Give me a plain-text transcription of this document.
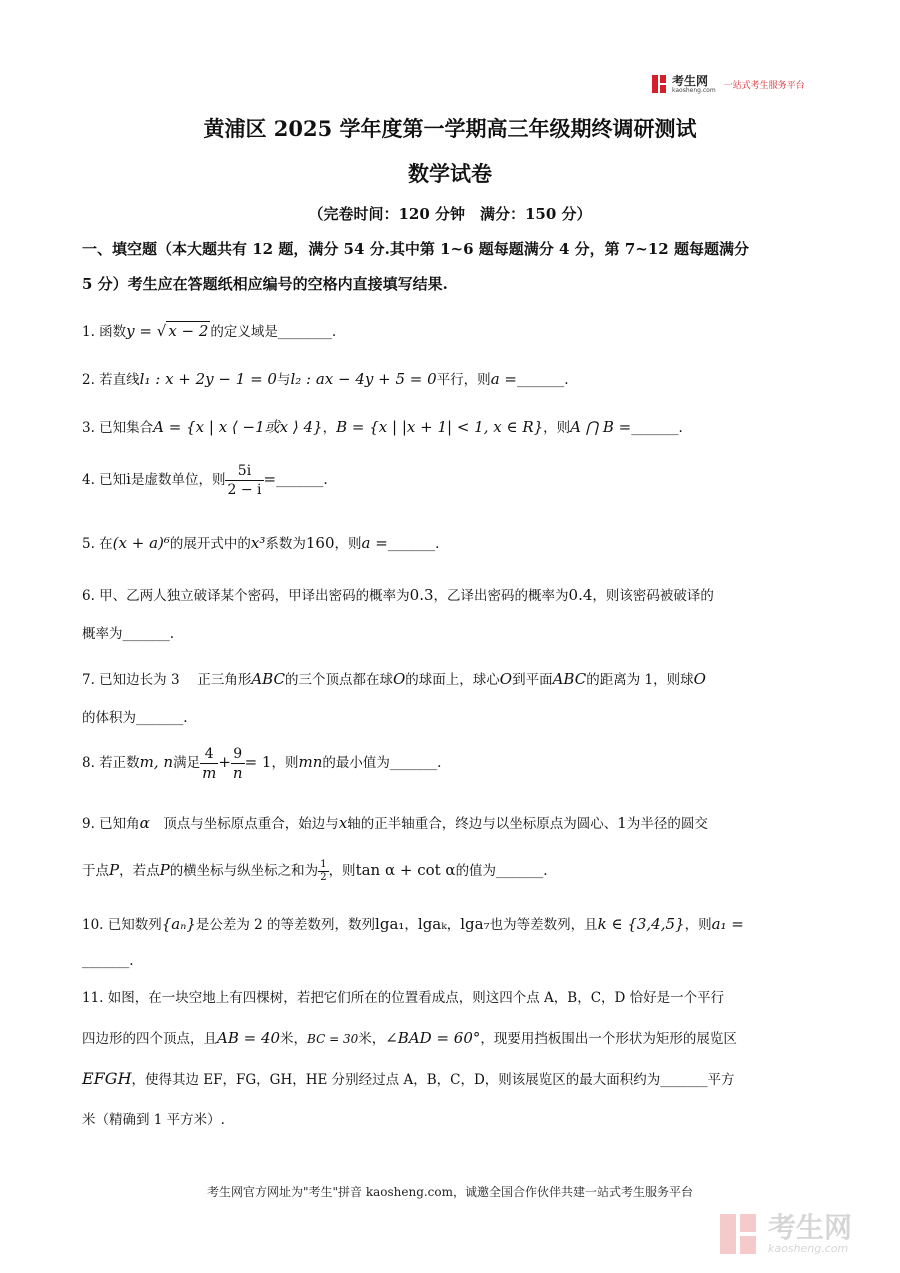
考生网
kaosheng.com 一站式考生服务平台
黄浦区 2025 学年度第一学期高三年级期终调研测试
数学试卷
（完卷时间：120 分钟　满分：150 分）
一、填空题（本大题共有 12 题，满分 54 分.其中第 1~6 题每题满分 4 分，第 7~12 题每题满分
5 分）考生应在答题纸相应编号的空格内直接填写结果.
1. 函数y = √ x − 2 的定义域是________.
2. 若直线l₁ : x + 2y − 1 = 0与l₂ : ax − 4y + 5 = 0平行，则a =_______.
3. 已知集合A = {x | x ⟨ −1或x ⟩ 4}，B = {x | |x + 1| < 1, x ∈ R}，则A ⋂ B =_______.
4. 已知i是虚数单位，则 $\frac{5i}{2 - i}$ =_______.
5. 在(x + a)⁶的展开式中的x³系数为160，则a =_______.
6. 甲、乙两人独立破译某个密码，甲译出密码的概率为0.3，乙译出密码的概率为0.4，则该密码被破译的
概率为_______.
7. 已知边长为 3　 正三角形ABC的三个顶点都在球O的球面上，球心O到平面ABC的距离为 1，则球O
的体积为_______.
8. 若正数m, n满足 $\frac{4}{m} + \frac{9}{n} = 1$，则mn的最小值为_______.
9. 已知角α　 顶点与坐标原点重合，始边与x轴的正半轴重合，终边与以坐标原点为圆心、1为半径的圆交
于点P，若点P的横坐标与纵坐标之和为 $\frac{1}{2}$ ，则tan α + cot α的值为_______.
10. 已知数列{aₙ}是公差为 2 的等差数列，数列lga₁，lgaₖ，lga₇也为等差数列，且k ∈ {3,4,5}，则a₁ =
_______.
11. 如图，在一块空地上有四棵树，若把它们所在的位置看成点，则这四个点 A，B，C，D 恰好是一个平行
四边形的四个顶点，且AB = 40米，BC = 30米，∠BAD = 60°，现要用挡板围出一个形状为矩形的展览区
EFGH，使得其边 EF，FG，GH，HE 分别经过点 A，B，C，D，则该展览区的最大面积约为_______平方
米（精确到 1 平方米）.
考生网官方网址为"考生"拼音 kaosheng.com，诚邀全国合作伙伴共建一站式考生服务平台
考生网
kaosheng.com
